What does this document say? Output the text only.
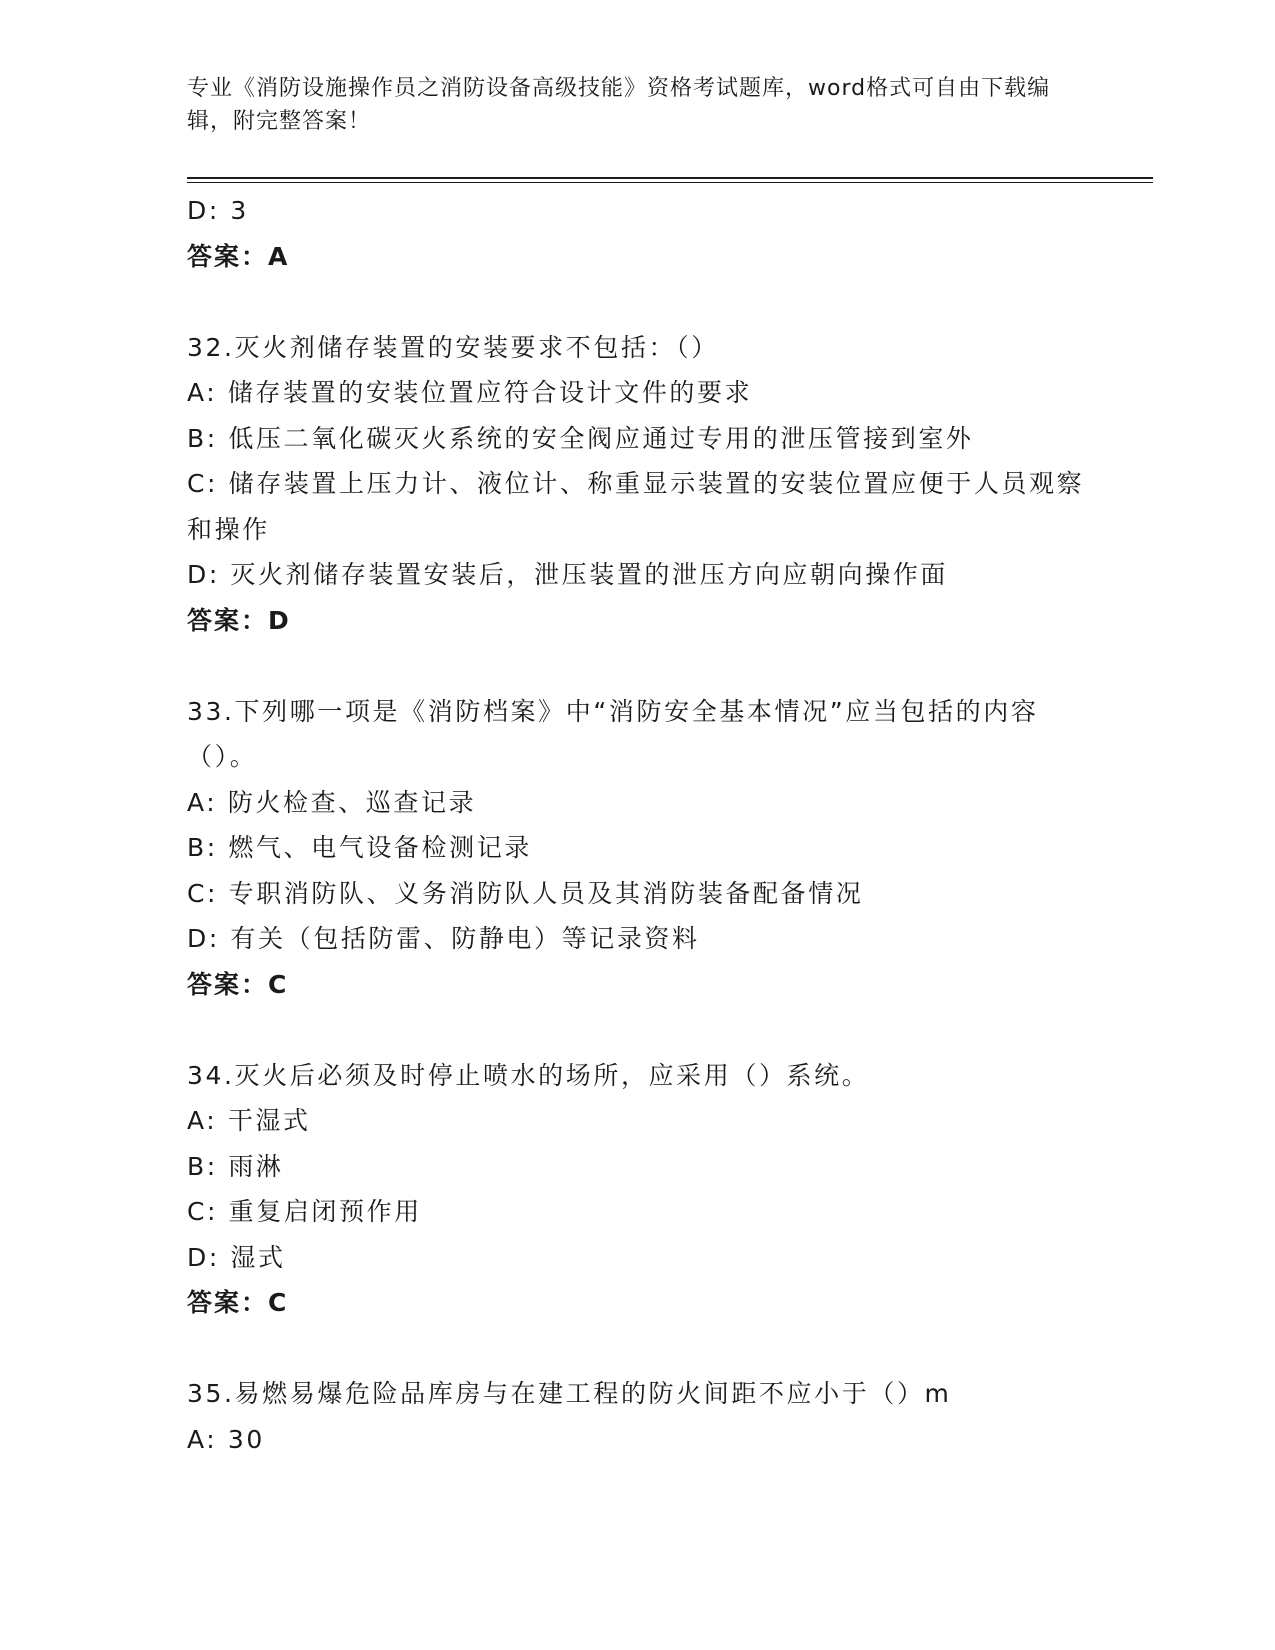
专业《消防设施操作员之消防设备高级技能》资格考试题库，word格式可自由下载编辑，附完整答案！

D: 3

答案：A

32.灭火剂储存装置的安装要求不包括：（）

A: 储存装置的安装位置应符合设计文件的要求

B: 低压二氧化碳灭火系统的安全阀应通过专用的泄压管接到室外

C: 储存装置上压力计、液位计、称重显示装置的安装位置应便于人员观察和操作

D: 灭火剂储存装置安装后，泄压装置的泄压方向应朝向操作面

答案：D

33.下列哪一项是《消防档案》中“消防安全基本情况”应当包括的内容（）。

A: 防火检查、巡查记录

B: 燃气、电气设备检测记录

C: 专职消防队、义务消防队人员及其消防装备配备情况

D: 有关（包括防雷、防静电）等记录资料

答案：C

34.灭火后必须及时停止喷水的场所，应采用（）系统。

A: 干湿式

B: 雨淋

C: 重复启闭预作用

D: 湿式

答案：C

35.易燃易爆危险品库房与在建工程的防火间距不应小于（）m

A: 30
